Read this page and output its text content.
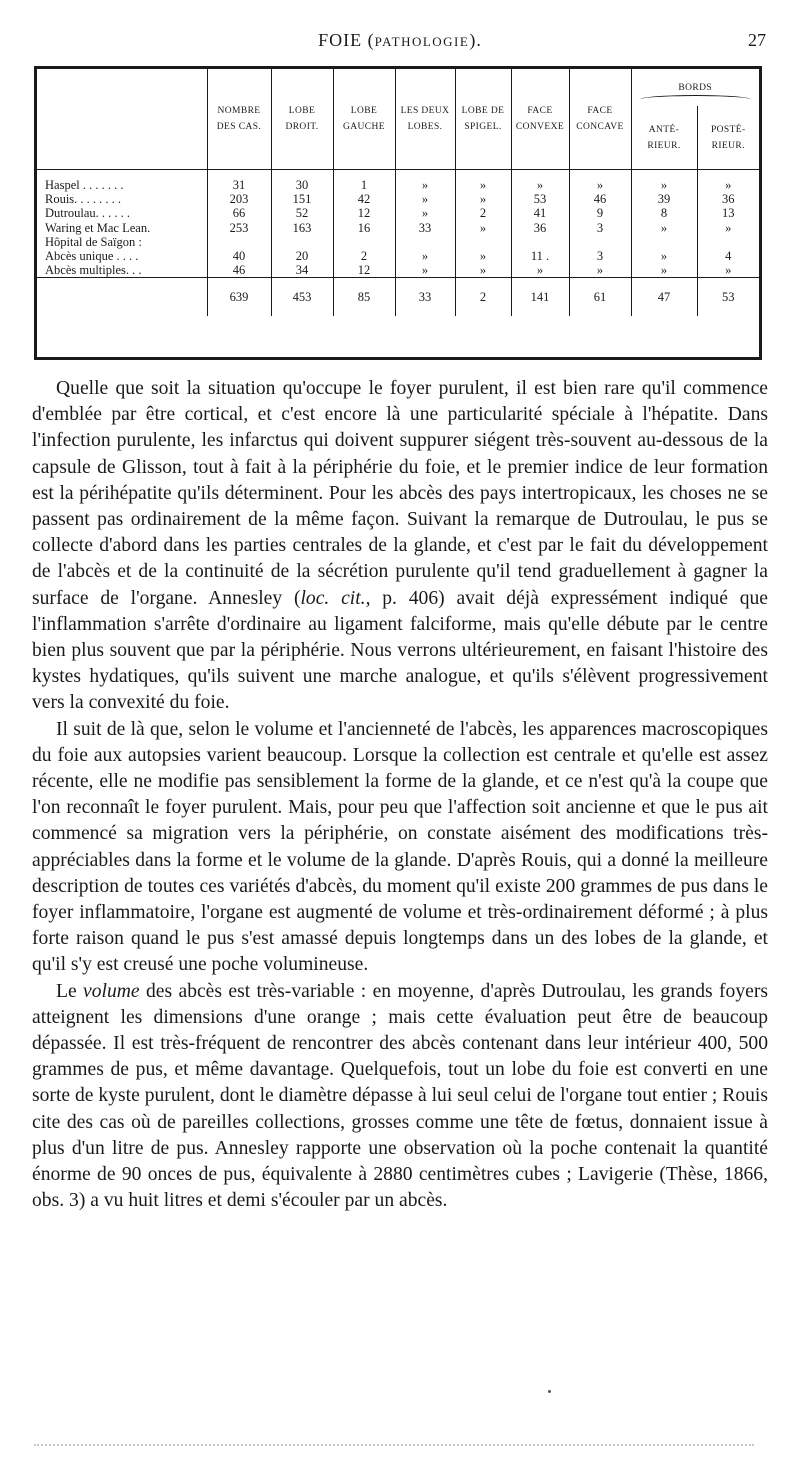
FOIE (PATHOLOGIE).	27
	NOMBRE DES CAS.	LOBE DROIT.	LOBE GAUCHE	LES DEUX LOBES.	LOBE DE SPIGEL.	FACE CONVEXE	FACE CONCAVE	BORDS	

								ANTÉ- RIEUR.	POSTÉ- RIEUR.

Haspel . . . . . . .	31	30	1	»	»	»	»	»	»
Rouis. . . . . . . .	203	151	42	»	»	53	46	39	36
Dutroulau. . . . . .	66	52	12	»	2	41	9	8	13
Waring et Mac Lean.	253	163	16	33	»	36	3	»	»
Hôpital de Saïgon :									
Abcès unique . . . .	40	20	2	»	»	11 .	3	»	4
Abcès multiples. . .	46	34	12	»	»	»	»	»	»
	639	453	85	33	2	141	61	47	53

Quelle que soit la situation qu'occupe le foyer purulent, il est bien rare qu'il commence d'emblée par être cortical, et c'est encore là une particularité spéciale à l'hépatite. Dans l'infection purulente, les infarctus qui doivent suppurer siégent très-souvent au-dessous de la capsule de Glisson, tout à fait à la périphérie du foie, et le premier indice de leur formation est la périhépatite qu'ils déterminent. Pour les abcès des pays intertropicaux, les choses ne se passent pas ordinairement de la même façon. Suivant la remarque de Dutroulau, le pus se collecte d'abord dans les parties centrales de la glande, et c'est par le fait du développement de l'abcès et de la continuité de la sécrétion purulente qu'il tend graduellement à gagner la surface de l'organe. Annesley (loc. cit., p. 406) avait déjà expressément indiqué que l'inflammation s'arrête d'ordinaire au ligament falciforme, mais qu'elle débute par le centre bien plus souvent que par la périphérie. Nous verrons ultérieurement, en faisant l'histoire des kystes hydatiques, qu'ils suivent une marche analogue, et qu'ils s'élèvent progressivement vers la convexité du foie.

Il suit de là que, selon le volume et l'ancienneté de l'abcès, les apparences macroscopiques du foie aux autopsies varient beaucoup. Lorsque la collection est centrale et qu'elle est assez récente, elle ne modifie pas sensiblement la forme de la glande, et ce n'est qu'à la coupe que l'on reconnaît le foyer purulent. Mais, pour peu que l'affection soit ancienne et que le pus ait commencé sa migration vers la périphérie, on constate aisément des modifications très-appréciables dans la forme et le volume de la glande. D'après Rouis, qui a donné la meilleure description de toutes ces variétés d'abcès, du moment qu'il existe 200 grammes de pus dans le foyer inflammatoire, l'organe est augmenté de volume et très-ordinairement déformé ; à plus forte raison quand le pus s'est amassé depuis longtemps dans un des lobes de la glande, et qu'il s'y est creusé une poche volumineuse.

Le volume des abcès est très-variable : en moyenne, d'après Dutroulau, les grands foyers atteignent les dimensions d'une orange ; mais cette évaluation peut être de beaucoup dépassée. Il est très-fréquent de rencontrer des abcès contenant dans leur intérieur 400, 500 grammes de pus, et même davantage. Quelquefois, tout un lobe du foie est converti en une sorte de kyste purulent, dont le diamètre dépasse à lui seul celui de l'organe tout entier ; Rouis cite des cas où de pareilles collections, grosses comme une tête de fœtus, donnaient issue à plus d'un litre de pus. Annesley rapporte une observation où la poche contenait la quantité énorme de 90 onces de pus, équivalente à 2880 centimètres cubes ; Lavigerie (Thèse, 1866, obs. 3) a vu huit litres et demi s'écouler par un abcès.
